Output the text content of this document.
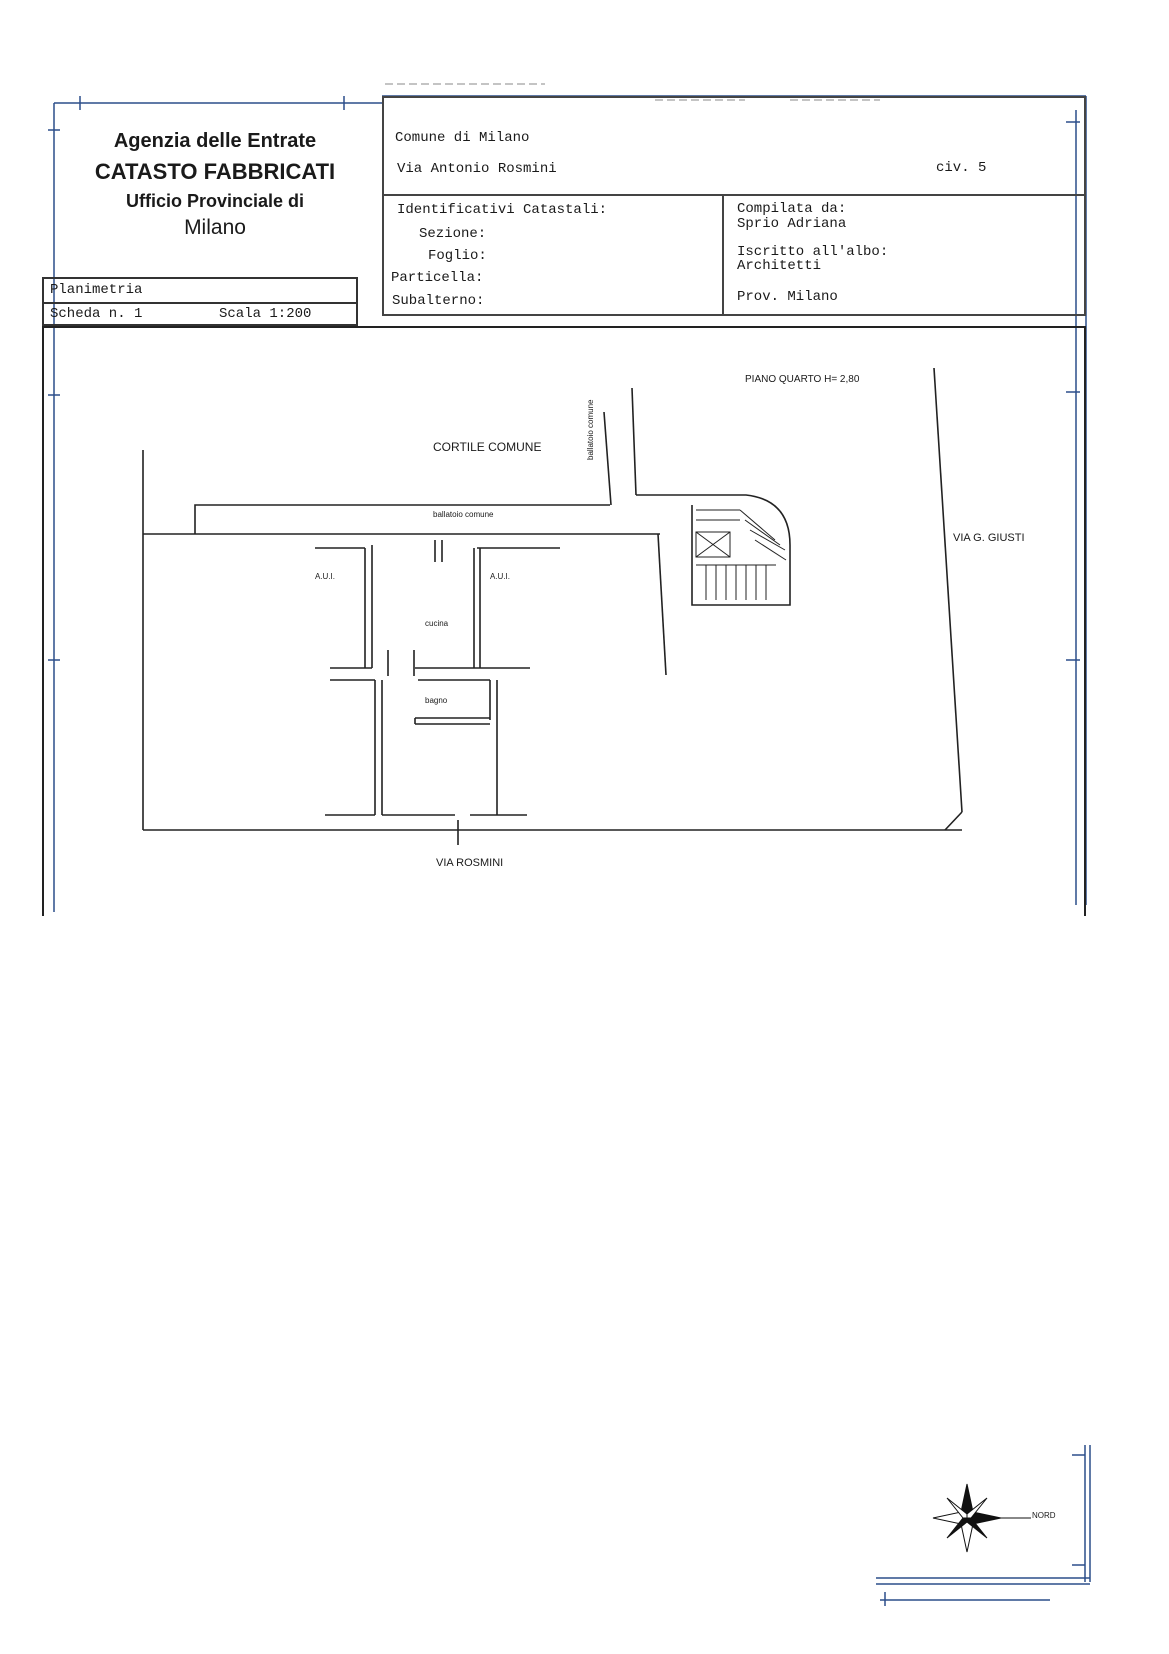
Agenzia delle Entrate
CATASTO FABBRICATI
Ufficio Provinciale di
Milano
Planimetria
Scheda n. 1	Scala 1:200
Comune di Milano
Via Antonio Rosmini	civ. 5
Identificativi Catastali:
Sezione:
Foglio:
Particella:
Subalterno:
Compilata da:
Sprio Adriana
Iscritto all'albo:
Architetti
Prov. Milano
PIANO QUARTO H= 2,80
CORTILE COMUNE
ballatoio comune
ballatoio comune
VIA G. GIUSTI
VIA ROSMINI
A.U.I.	A.U.I.
cucina
bagno
NORD
